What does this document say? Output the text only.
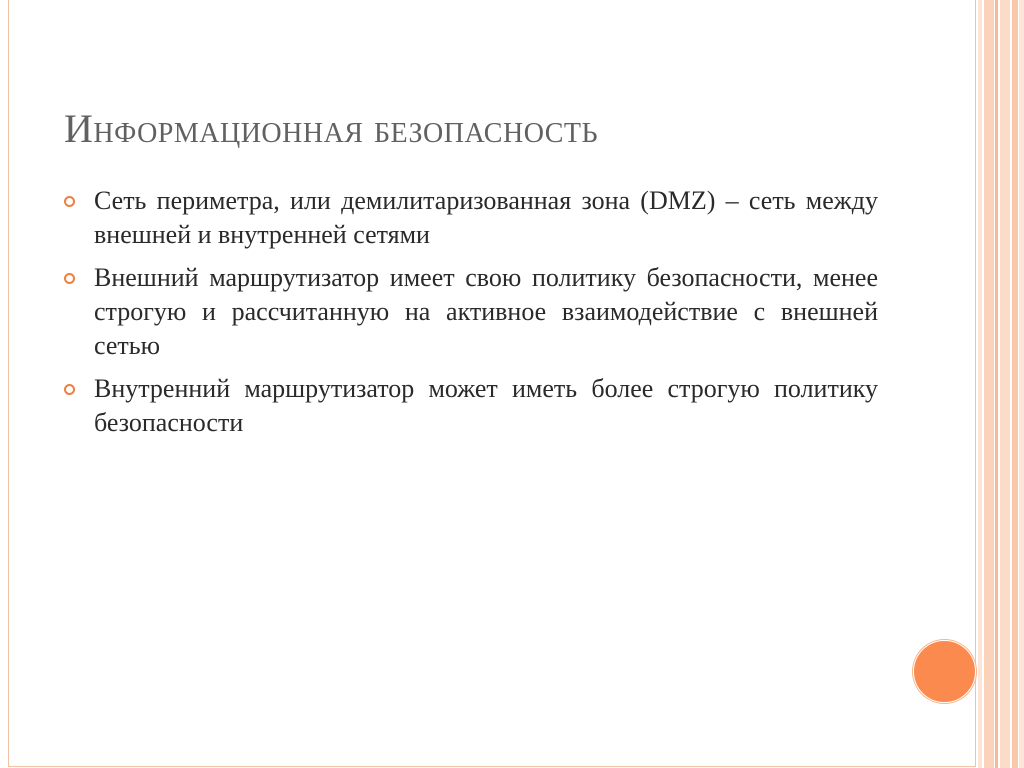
Информационная безопасность
Сеть периметра, или демилитаризованная зона (DMZ) – сеть между внешней и внутренней сетями
Внешний маршрутизатор имеет свою политику безопасности, менее строгую и рассчитанную на активное взаимодействие с внешней сетью
Внутренний маршрутизатор может иметь более строгую политику безопасности
